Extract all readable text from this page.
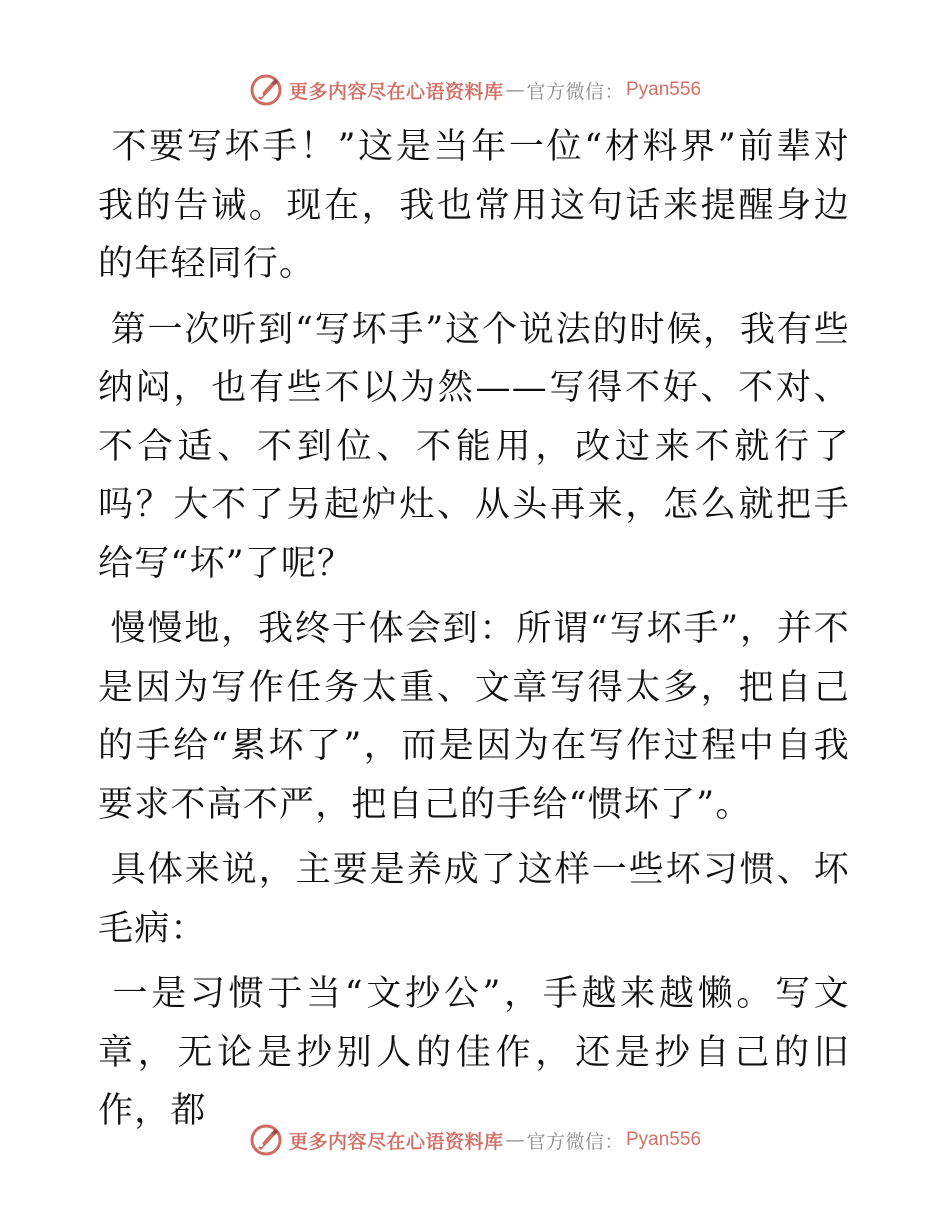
更多内容尽在心语资料库 — 官方微信： Pyan556

不要写坏手！”这是当年一位“材料界”前辈对我的告诫。现在，我也常用这句话来提醒身边的年轻同行。

第一次听到“写坏手”这个说法的时候，我有些纳闷，也有些不以为然——写得不好、不对、不合适、不到位、不能用，改过来不就行了吗？大不了另起炉灶、从头再来，怎么就把手给写“坏”了呢？

慢慢地，我终于体会到：所谓“写坏手”，并不是因为写作任务太重、文章写得太多，把自己的手给“累坏了”，而是因为在写作过程中自我要求不高不严，把自己的手给“惯坏了”。

具体来说，主要是养成了这样一些坏习惯、坏毛病：

一是习惯于当“文抄公”，手越来越懒。写文章，无论是抄别人的佳作，还是抄自己的旧作，都

更多内容尽在心语资料库 — 官方微信： Pyan556
